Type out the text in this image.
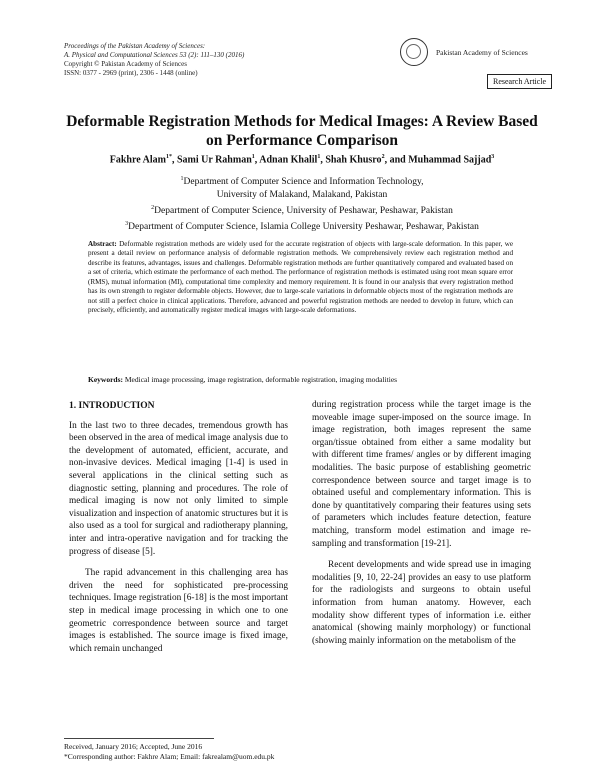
Proceedings of the Pakistan Academy of Sciences:
A. Physical and Computational Sciences 53 (2): 111–130 (2016)
Copyright © Pakistan Academy of Sciences
ISSN: 0377 - 2969 (print), 2306 - 1448 (online)
Pakistan Academy of Sciences
Research Article
Deformable Registration Methods for Medical Images: A Review Based on Performance Comparison
Fakhre Alam$^{1*}$, Sami Ur Rahman$^1$, Adnan Khalil$^1$, Shah Khusro$^2$, and Muhammad Sajjad$^3$
$^1$Department of Computer Science and Information Technology,
University of Malakand, Malakand, Pakistan
$^2$Department of Computer Science, University of Peshawar, Peshawar, Pakistan
$^3$Department of Computer Science, Islamia College University Peshawar, Peshawar, Pakistan
Abstract: Deformable registration methods are widely used for the accurate registration of objects with large-scale deformation. In this paper, we present a detail review on performance analysis of deformable registration methods. We comprehensively review each registration method and describe its features, advantages, issues and challenges. Deformable registration methods are further quantitatively compared and evaluated based on a set of criteria, which estimate the performance of each method. The performance of registration methods is estimated using root mean square error (RMS), mutual information (MI), computational time complexity and memory requirement. It is found in our analysis that every registration method has its own strength to register deformable objects. However, due to large-scale variations in deformable objects most of the registration methods are not still a perfect choice in clinical applications. Therefore, advanced and powerful registration methods are needed to develop in future, which can precisely, efficiently, and automatically register medical images with large-scale deformations.
Keywords: Medical image processing, image registration, deformable registration, imaging modalities

1. INTRODUCTION

In the last two to three decades, tremendous growth has been observed in the area of medical image analysis due to the development of automated, efficient, accurate, and non-invasive devices. Medical imaging [1-4] is used in several applications in the clinical setting such as diagnostic setting, planning and procedures. The role of medical imaging is now not only limited to simple visualization and inspection of anatomic structures but it is also used as a tool for surgical and radiotherapy planning, inter and intra-operative navigation and for tracking the progress of disease [5].

The rapid advancement in this challenging area has driven the need for sophisticated pre-processing techniques. Image registration [6-18] is the most important step in medical image processing in which one to one geometric correspondence between source and target images is established. The source image is fixed image, which remain unchanged

during registration process while the target image is the moveable image super-imposed on the source image. In image registration, both images represent the same organ/tissue obtained from either a same modality but with different time frames/ angles or by different imaging modalities. The basic purpose of establishing geometric correspondence between source and target image is to obtained useful and complementary information. This is done by quantitatively comparing their features using sets of parameters which includes feature detection, feature matching, transform model estimation and image re-sampling and transformation [19-21].

Recent developments and wide spread use in imaging modalities [9, 10, 22-24] provides an easy to use platform for the radiologists and surgeons to obtain useful information from human anatomy. However, each modality show different types of information i.e. either anatomical (showing mainly morphology) or functional (showing mainly information on the metabolism of the

Received, January 2016; Accepted, June 2016
*Corresponding author: Fakhre Alam; Email: fakrealam@uom.edu.pk
